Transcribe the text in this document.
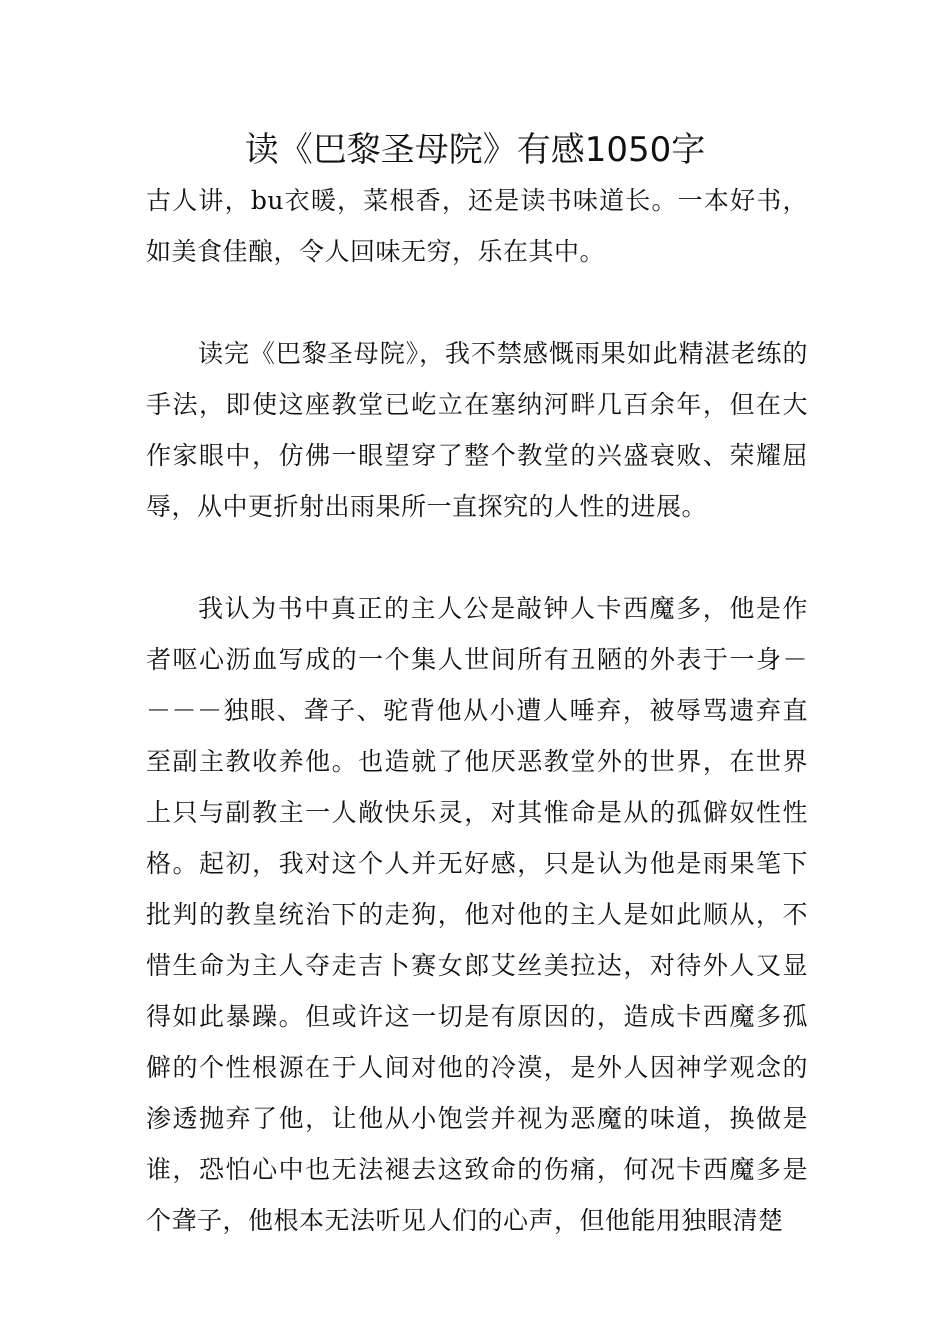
读《巴黎圣母院》有感1050字

古人讲，bu衣暖，菜根香，还是读书味道长。一本好书，如美食佳酿，令人回味无穷，乐在其中。

读完《巴黎圣母院》，我不禁感慨雨果如此精湛老练的手法，即使这座教堂已屹立在塞纳河畔几百余年，但在大作家眼中，仿佛一眼望穿了整个教堂的兴盛衰败、荣耀屈辱，从中更折射出雨果所一直探究的人性的进展。

我认为书中真正的主人公是敲钟人卡西魔多，他是作者呕心沥血写成的一个集人世间所有丑陋的外表于一身－－－－独眼、聋子、驼背他从小遭人唾弃，被辱骂遗弃直至副主教收养他。也造就了他厌恶教堂外的世界，在世界上只与副教主一人敞快乐灵，对其惟命是从的孤僻奴性性格。起初，我对这个人并无好感，只是认为他是雨果笔下批判的教皇统治下的走狗，他对他的主人是如此顺从，不惜生命为主人夺走吉卜赛女郎艾丝美拉达，对待外人又显得如此暴躁。但或许这一切是有原因的，造成卡西魔多孤僻的个性根源在于人间对他的冷漠，是外人因神学观念的渗透抛弃了他，让他从小饱尝并视为恶魔的味道，换做是谁，恐怕心中也无法褪去这致命的伤痛，何况卡西魔多是个聋子，他根本无法听见人们的心声，但他能用独眼清楚
